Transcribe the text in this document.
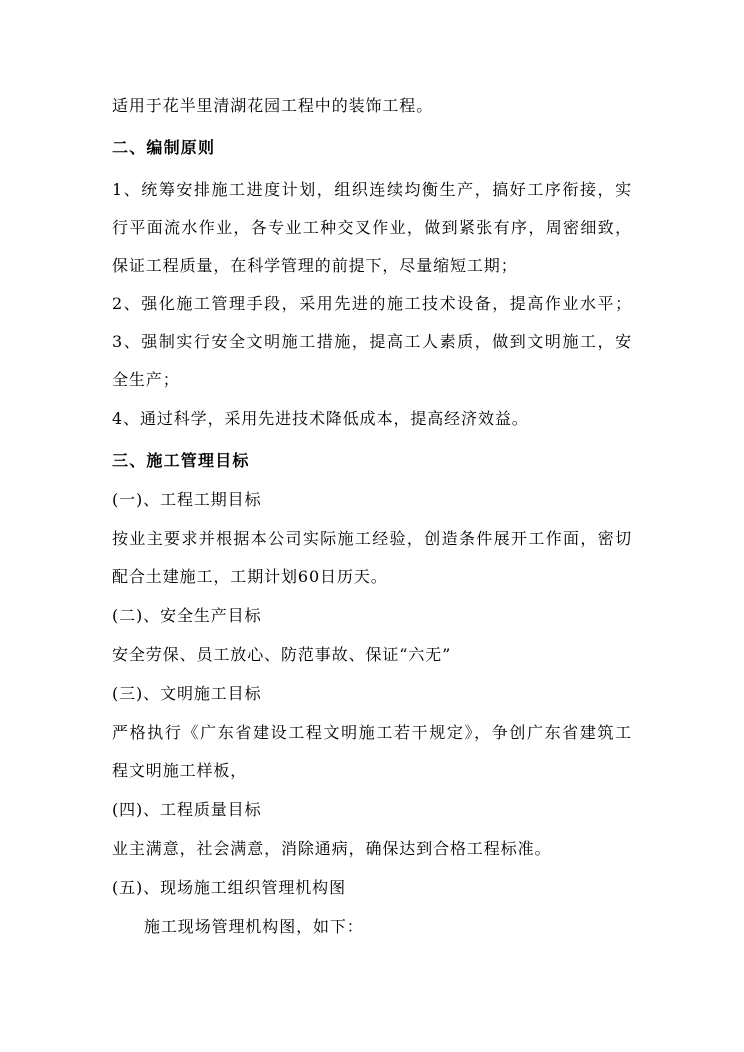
适用于花半里清湖花园工程中的装饰工程。
二、编制原则
1、统筹安排施工进度计划，组织连续均衡生产，搞好工序衔接，实
行平面流水作业，各专业工种交叉作业，做到紧张有序，周密细致，
保证工程质量，在科学管理的前提下，尽量缩短工期；
2、强化施工管理手段，采用先进的施工技术设备，提高作业水平；
3、强制实行安全文明施工措施，提高工人素质，做到文明施工，安
全生产；
4、通过科学，采用先进技术降低成本，提高经济效益。
三、施工管理目标
(一)、工程工期目标
按业主要求并根据本公司实际施工经验，创造条件展开工作面，密切
配合土建施工，工期计划60日历天。
(二)、安全生产目标
安全劳保、员工放心、防范事故、保证“六无”
(三)、文明施工目标
严格执行《广东省建设工程文明施工若干规定》，争创广东省建筑工
程文明施工样板，
(四)、工程质量目标
业主满意，社会满意，消除通病，确保达到合格工程标准。
(五)、现场施工组织管理机构图
施工现场管理机构图，如下：
